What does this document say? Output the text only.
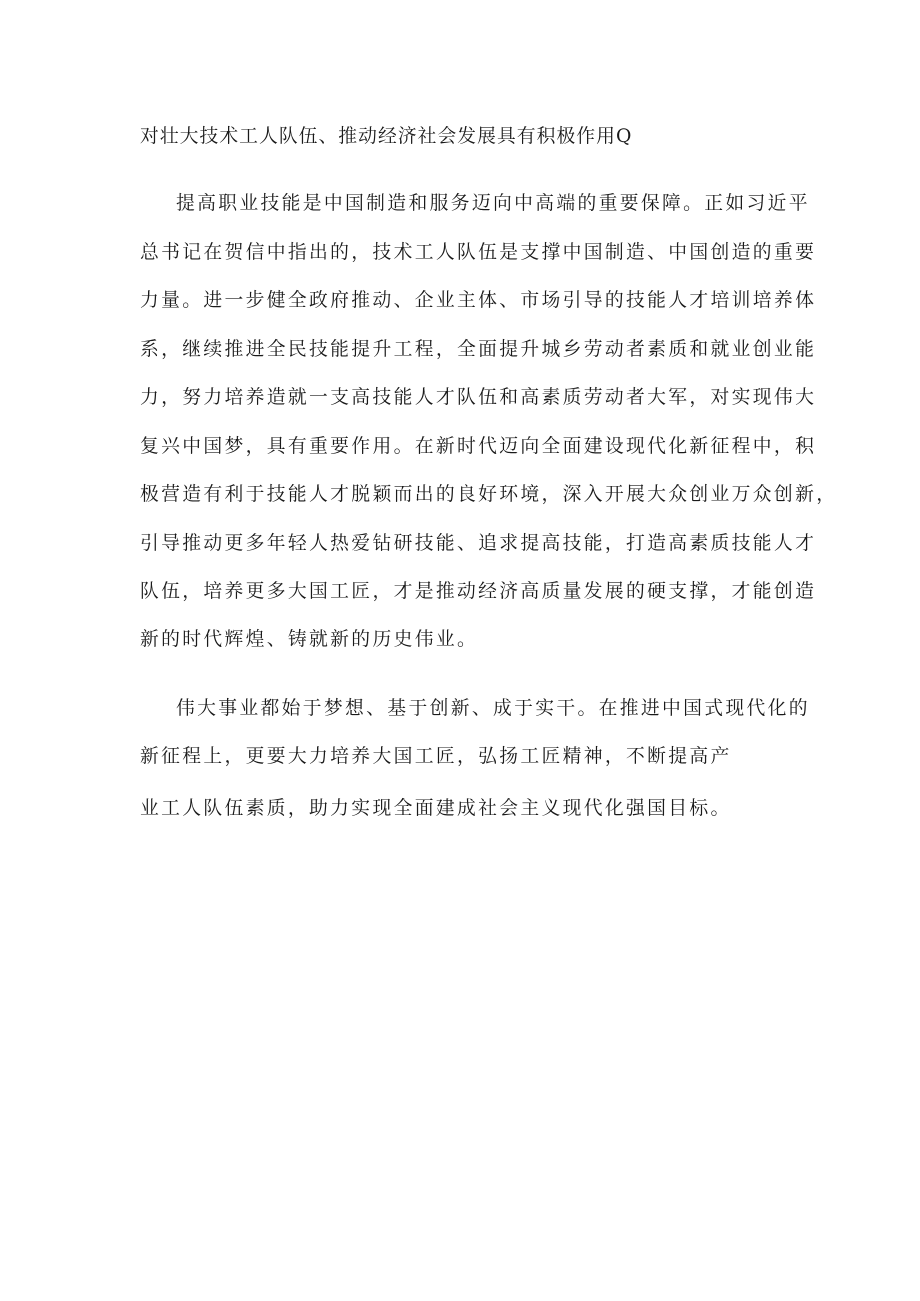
对壮大技术工人队伍、推动经济社会发展具有积极作用Q

提高职业技能是中国制造和服务迈向中高端的重要保障。正如习近平

总书记在贺信中指出的，技术工人队伍是支撑中国制造、中国创造的重要

力量。进一步健全政府推动、企业主体、市场引导的技能人才培训培养体

系，继续推进全民技能提升工程，全面提升城乡劳动者素质和就业创业能

力，努力培养造就一支高技能人才队伍和高素质劳动者大军，对实现伟大

复兴中国梦，具有重要作用。在新时代迈向全面建设现代化新征程中，积

极营造有利于技能人才脱颖而出的良好环境，深入开展大众创业万众创新，

引导推动更多年轻人热爱钻研技能、追求提高技能，打造高素质技能人才

队伍，培养更多大国工匠，才是推动经济高质量发展的硬支撑，才能创造

新的时代辉煌、铸就新的历史伟业。

伟大事业都始于梦想、基于创新、成于实干。在推进中国式现代化的

新征程上，更要大力培养大国工匠，弘扬工匠精神，不断提高产

业工人队伍素质，助力实现全面建成社会主义现代化强国目标。
